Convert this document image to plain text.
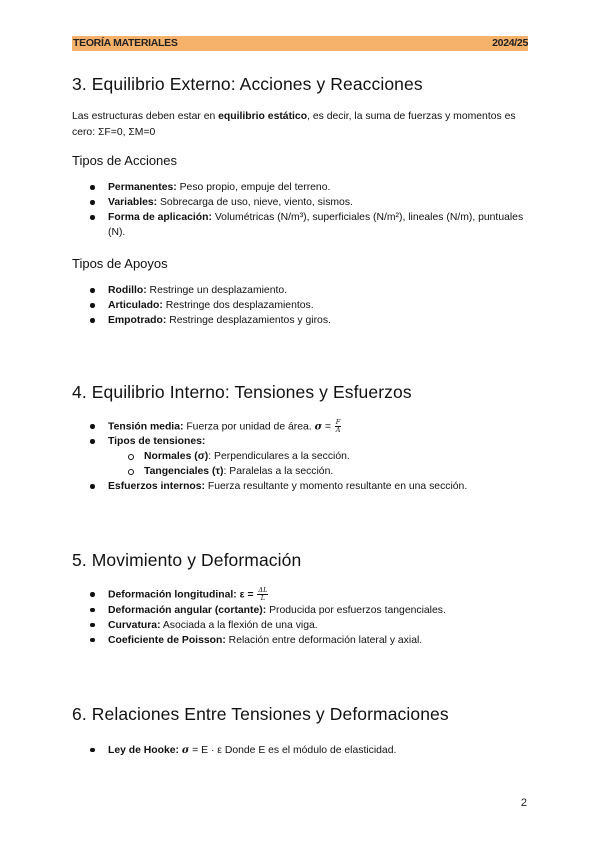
TEORÍA MATERIALES	2024/25
3. Equilibrio Externo: Acciones y Reacciones

Las estructuras deben estar en equilibrio estático, es decir, la suma de fuerzas y momentos es cero: ΣF=0, ΣM=0

Tipos de Acciones
Permanentes: Peso propio, empuje del terreno.
Variables: Sobrecarga de uso, nieve, viento, sismos.
Forma de aplicación: Volumétricas (N/m³), superficiales (N/m²), lineales (N/m), puntuales (N).
Tipos de Apoyos
Rodillo: Restringe un desplazamiento.
Articulado: Restringe dos desplazamientos.
Empotrado: Restringe desplazamientos y giros.
4. Equilibrio Interno: Tensiones y Esfuerzos
Tensión media: Fuerza por unidad de área. $\sigma = \frac{F}{A}$
Tipos de tensiones:
Normales (σ): Perpendiculares a la sección.
Tangenciales (τ): Paralelas a la sección.
Esfuerzos internos: Fuerza resultante y momento resultante en una sección.
5. Movimiento y Deformación
Deformación longitudinal: $\varepsilon = \frac{\Delta L}{L}$
Deformación angular (cortante): Producida por esfuerzos tangenciales.
Curvatura: Asociada a la flexión de una viga.
Coeficiente de Poisson: Relación entre deformación lateral y axial.
6. Relaciones Entre Tensiones y Deformaciones
Ley de Hooke: σ = E · ε Donde E es el módulo de elasticidad.
2
